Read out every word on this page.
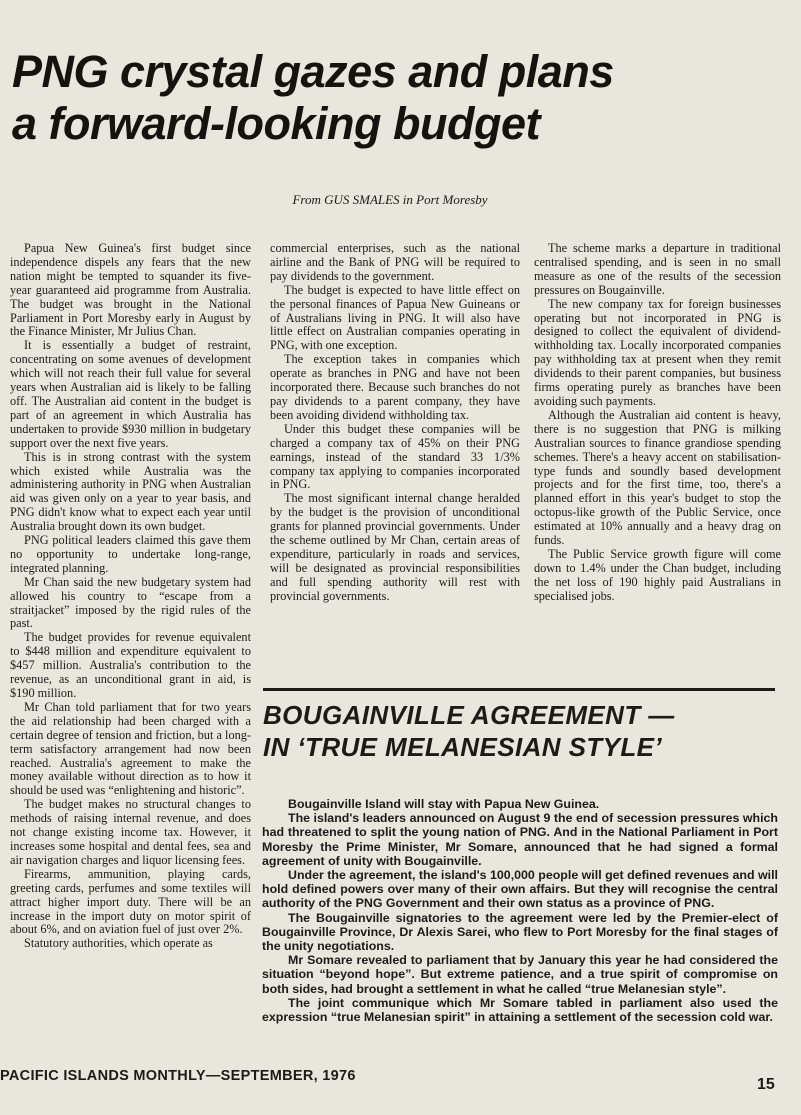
PNG crystal gazes and plans
a forward-looking budget
From GUS SMALES in Port Moresby

Papua New Guinea's first budget since independence dispels any fears that the new nation might be tempted to squander its five-year guaranteed aid programme from Australia. The budget was brought in the National Parliament in Port Moresby early in August by the Finance Minister, Mr Julius Chan.

It is essentially a budget of restraint, concentrating on some avenues of development which will not reach their full value for several years when Australian aid is likely to be falling off. The Australian aid content in the budget is part of an agreement in which Australia has undertaken to provide $930 million in budgetary support over the next five years.

This is in strong contrast with the system which existed while Australia was the administering authority in PNG when Australian aid was given only on a year to year basis, and PNG didn't know what to expect each year until Australia brought down its own budget.

PNG political leaders claimed this gave them no opportunity to undertake long-range, integrated planning.

Mr Chan said the new budgetary system had allowed his country to “escape from a straitjacket” imposed by the rigid rules of the past.

The budget provides for revenue equivalent to $448 million and expenditure equivalent to $457 million. Australia's contribution to the revenue, as an unconditional grant in aid, is $190 million.

Mr Chan told parliament that for two years the aid relationship had been charged with a certain degree of tension and friction, but a long-term satisfactory arrangement had now been reached. Australia's agreement to make the money available without direction as to how it should be used was “enlightening and historic”.

The budget makes no structural changes to methods of raising internal revenue, and does not change existing income tax. However, it increases some hospital and dental fees, sea and air navigation charges and liquor licensing fees.

Firearms, ammunition, playing cards, greeting cards, perfumes and some textiles will attract higher import duty. There will be an increase in the import duty on motor spirit of about 6%, and on aviation fuel of just over 2%.

Statutory authorities, which operate as

commercial enterprises, such as the national airline and the Bank of PNG will be required to pay dividends to the government.

The budget is expected to have little effect on the personal finances of Papua New Guineans or of Australians living in PNG. It will also have little effect on Australian companies operating in PNG, with one exception.

The exception takes in companies which operate as branches in PNG and have not been incorporated there. Because such branches do not pay dividends to a parent company, they have been avoiding dividend withholding tax.

Under this budget these companies will be charged a company tax of 45% on their PNG earnings, instead of the standard 33 1/3% company tax applying to companies incorporated in PNG.

The most significant internal change heralded by the budget is the provision of unconditional grants for planned provincial governments. Under the scheme outlined by Mr Chan, certain areas of expenditure, particularly in roads and services, will be designated as provincial responsibilities and full spending authority will rest with provincial governments.

The scheme marks a departure in traditional centralised spending, and is seen in no small measure as one of the results of the secession pressures on Bougainville.

The new company tax for foreign businesses operating but not incorporated in PNG is designed to collect the equivalent of dividend-withholding tax. Locally incorporated companies pay withholding tax at present when they remit dividends to their parent companies, but business firms operating purely as branches have been avoiding such payments.

Although the Australian aid content is heavy, there is no suggestion that PNG is milking Australian sources to finance grandiose spending schemes. There's a heavy accent on stabilisation-type funds and soundly based development projects and for the first time, too, there's a planned effort in this year's budget to stop the octopus-like growth of the Public Service, once estimated at 10% annually and a heavy drag on funds.

The Public Service growth figure will come down to 1.4% under the Chan budget, including the net loss of 190 highly paid Australians in specialised jobs.

BOUGAINVILLE AGREEMENT —
IN ‘TRUE MELANESIAN STYLE’

Bougainville Island will stay with Papua New Guinea.

The island's leaders announced on August 9 the end of secession pressures which had threatened to split the young nation of PNG. And in the National Parliament in Port Moresby the Prime Minister, Mr Somare, announced that he had signed a formal agreement of unity with Bougainville.

Under the agreement, the island's 100,000 people will get defined revenues and will hold defined powers over many of their own affairs. But they will recognise the central authority of the PNG Government and their own status as a province of PNG.

The Bougainville signatories to the agreement were led by the Premier-elect of Bougainville Province, Dr Alexis Sarei, who flew to Port Moresby for the final stages of the unity negotiations.

Mr Somare revealed to parliament that by January this year he had considered the situation “beyond hope”. But extreme patience, and a true spirit of compromise on both sides, had brought a settlement in what he called “true Melanesian style”.

The joint communique which Mr Somare tabled in parliament also used the expression “true Melanesian spirit” in attaining a settlement of the secession cold war.

PACIFIC ISLANDS MONTHLY—SEPTEMBER, 1976	15
